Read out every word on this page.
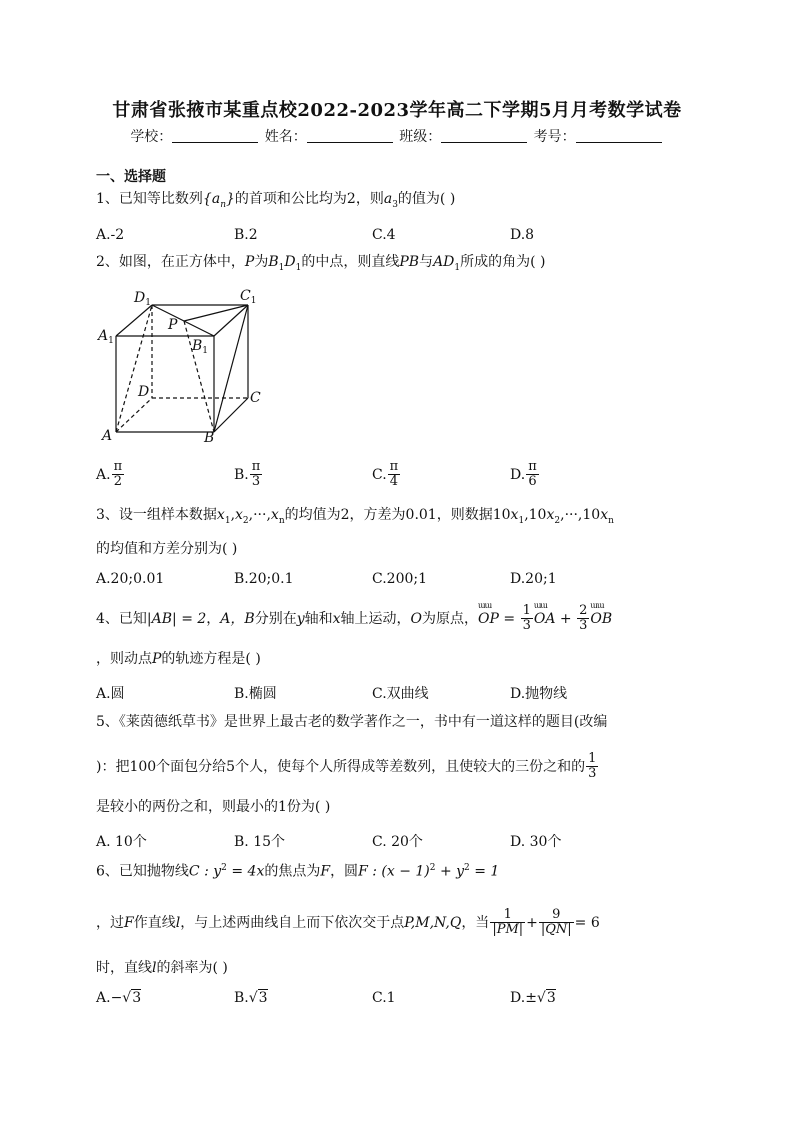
甘肃省张掖市某重点校2022-2023学年高二下学期5月月考数学试卷
学校：	姓名：	班级：	考号：
一、选择题
1、已知等比数列$\{a_n\}$的首项和公比均为2，则$a_3$的值为( )
A.-2	B.2	C.4	D.8
2、如图，在正方体中，P为$B_1D_1$的中点，则直线PB与$AD_1$所成的角为( )
$D_1$	$C_1$
$A_1$
P
$B_1$
D	C
A	B
A. $\frac{\pi}{2}$	B. $\frac{\pi}{3}$	C. $\frac{\pi}{4}$	D. $\frac{\pi}{6}$
3、设一组样本数据$x_1,x_2,\cdot\cdot\cdot,x_n$的均值为2，方差为0.01，则数据$10x_1,10x_2,\cdot\cdot\cdot,10x_n$
的均值和方差分别为( )
A.20;0.01	B.20;0.1	C.200;1	D.20;1
4、已知|AB| = 2，A，B分别在y轴和x轴上运动，O为原点，
ɯɯ
OP = $\frac{1}{3}$ ɯɯ
OA + $\frac{2}{3}$ ɯɯ
OB
，则动点P的轨迹方程是( )
A.圆	B.椭圆	C.双曲线	D.抛物线
5、《莱茵德纸草书》是世界上最古老的数学著作之一，书中有一道这样的题目(改编
)：把100个面包分给5个人，使每个人所得成等差数列，且使较大的三份之和的 $\frac{1}{3}$
是较小的两份之和，则最小的1份为( )
A. 10个	B. 15个	C. 20个	D. 30个
6、已知抛物线C : $y^2 = 4x$的焦点为F，圆F : $(x - 1)^2 + y^2 = 1$
，过F作直线l，与上述两曲线自上而下依次交于点P,M,N,Q，当 $\frac{1}{|PM|} + \frac{9}{|QN|} = 6$
时，直线l的斜率为( )
A.−√3	B.√3	C.1	D.±√3
